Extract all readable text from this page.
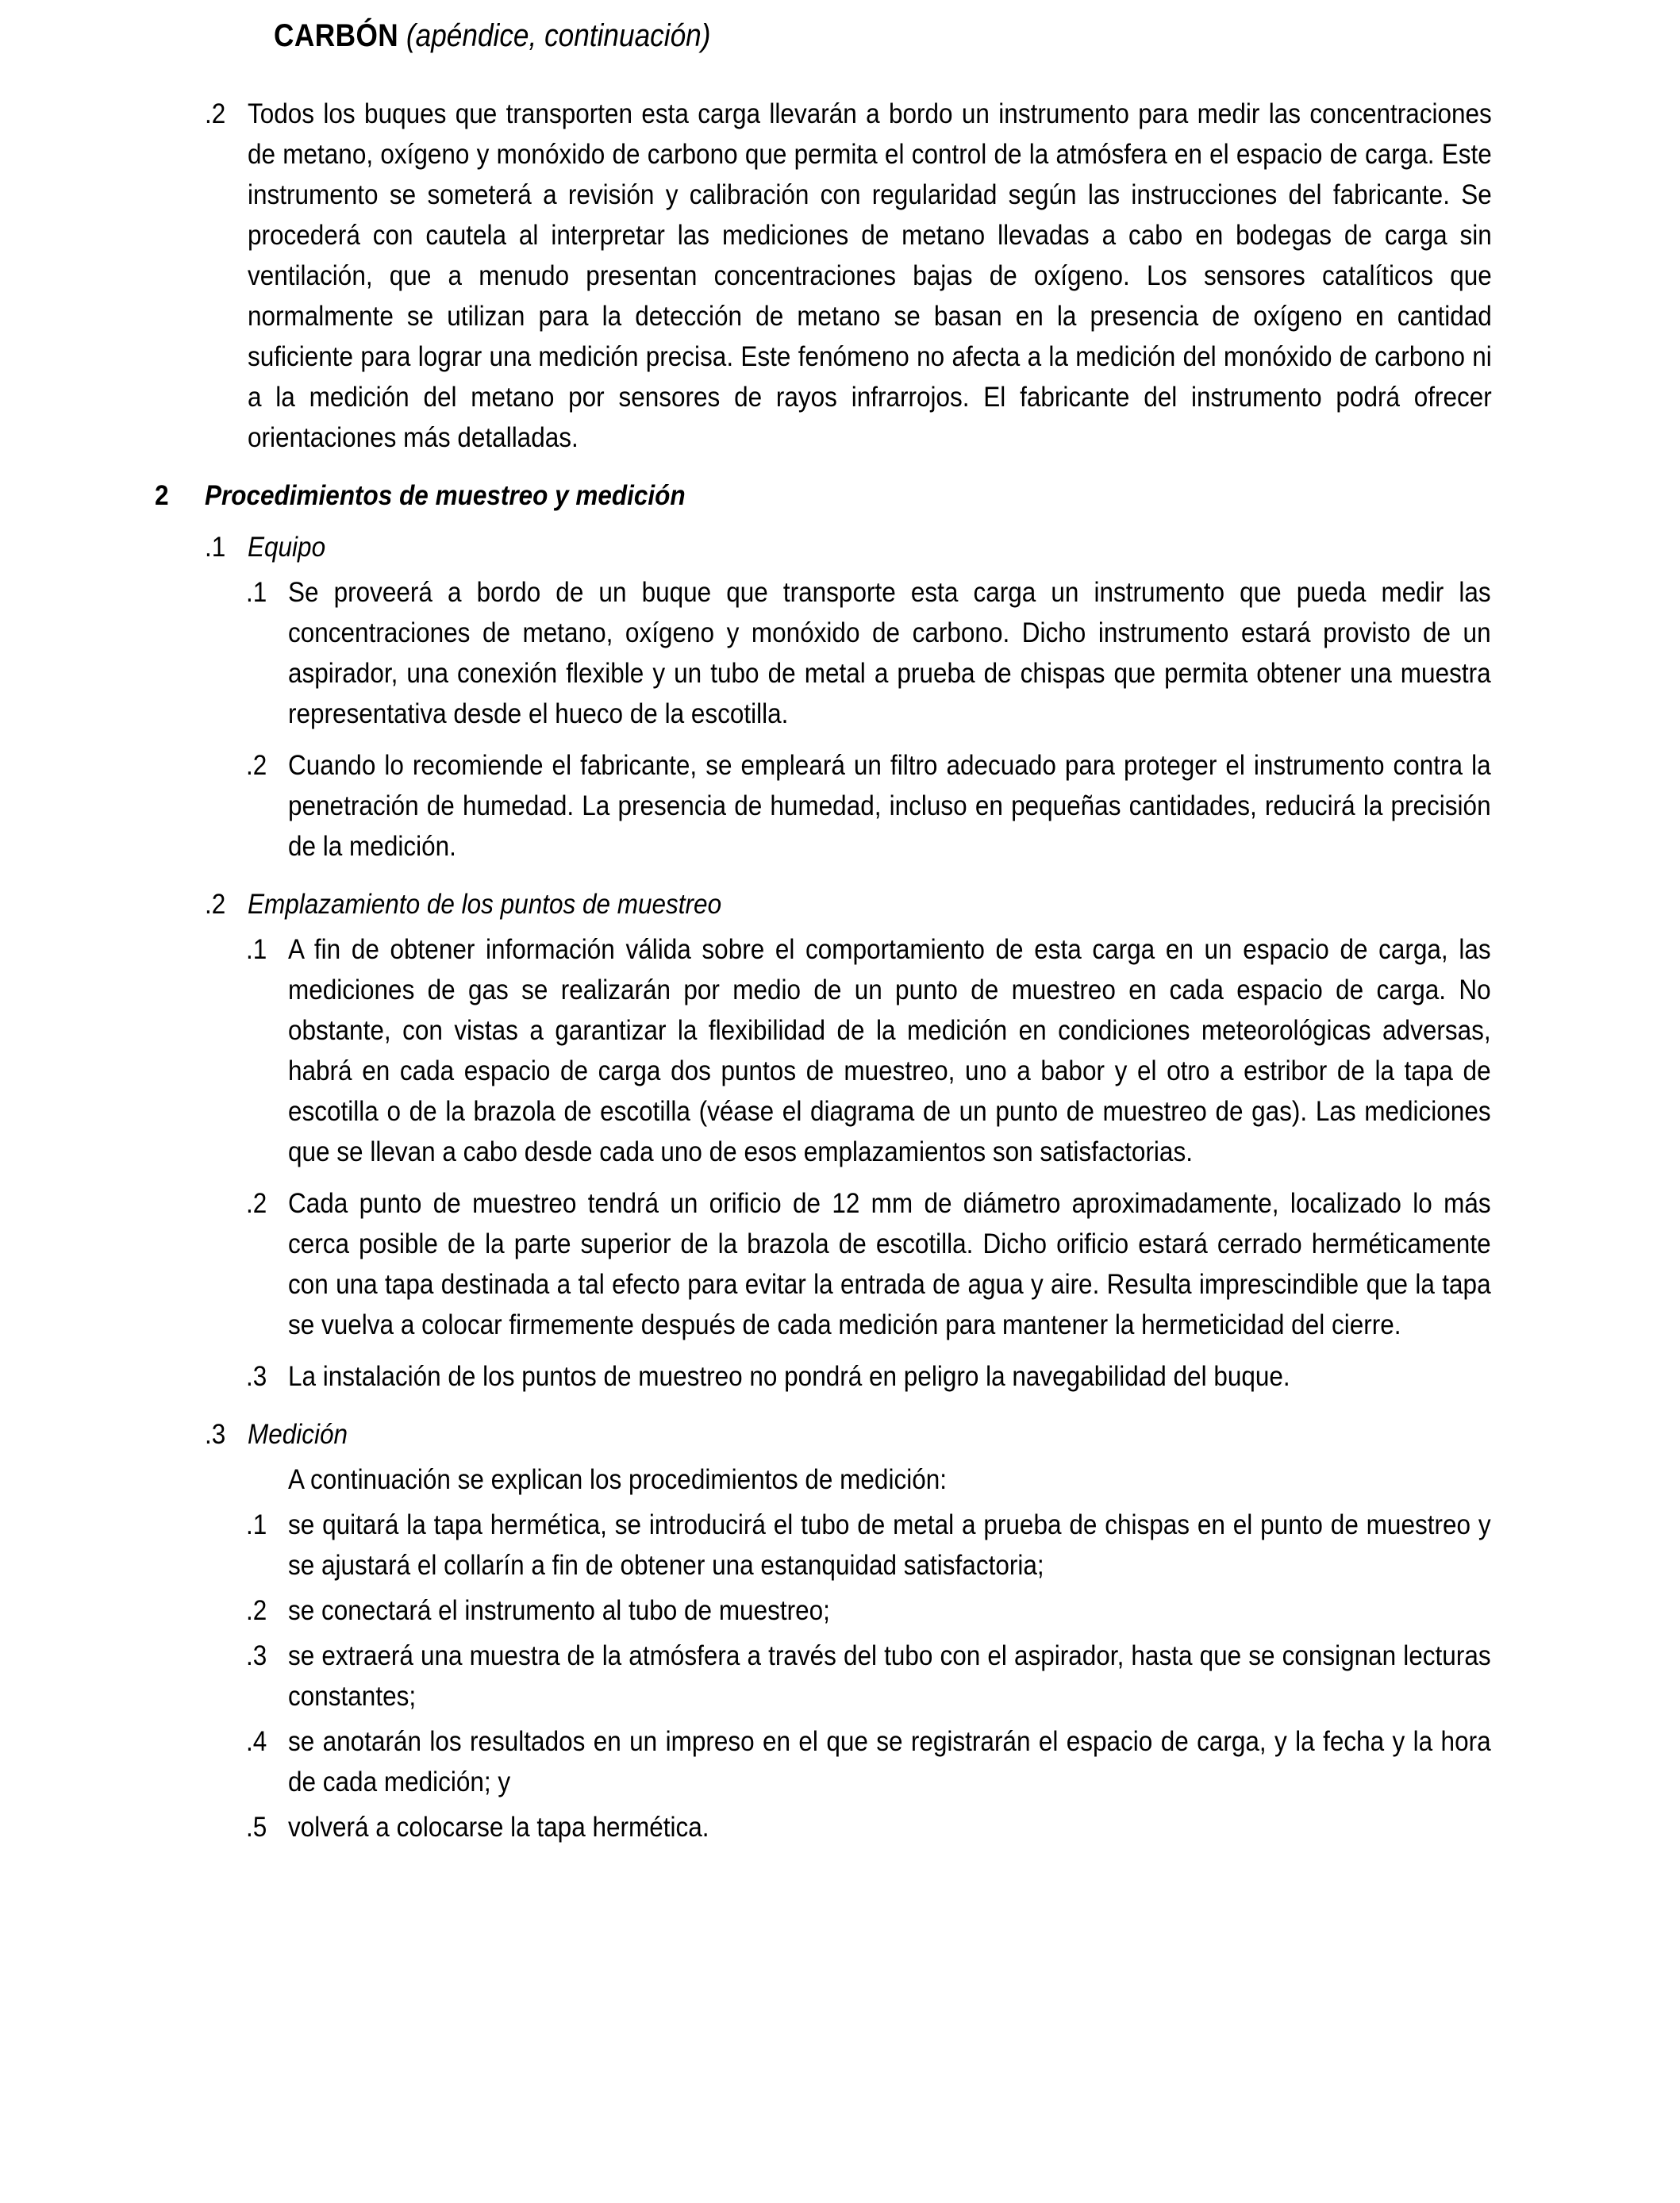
CARBÓN (apéndice, continuación)
.2 Todos los buques que transporten esta carga llevarán a bordo un instrumento para medir las concentraciones de metano, oxígeno y monóxido de carbono que permita el control de la atmósfera en el espacio de carga. Este instrumento se someterá a revisión y calibración con regularidad según las instrucciones del fabricante. Se procederá con cautela al interpretar las mediciones de metano llevadas a cabo en bodegas de carga sin ventilación, que a menudo presentan concentraciones bajas de oxígeno. Los sensores catalíticos que normalmente se utilizan para la detección de metano se basan en la presencia de oxígeno en cantidad suficiente para lograr una medición precisa. Este fenómeno no afecta a la medición del monóxido de carbono ni a la medición del metano por sensores de rayos infrarrojos. El fabricante del instrumento podrá ofrecer orientaciones más detalladas.
2 Procedimientos de muestreo y medición
.1 Equipo
.1 Se proveerá a bordo de un buque que transporte esta carga un instrumento que pueda medir las concentraciones de metano, oxígeno y monóxido de carbono. Dicho instrumento estará provisto de un aspirador, una conexión flexible y un tubo de metal a prueba de chispas que permita obtener una muestra representativa desde el hueco de la escotilla.
.2 Cuando lo recomiende el fabricante, se empleará un filtro adecuado para proteger el instrumento contra la penetración de humedad. La presencia de humedad, incluso en pequeñas cantidades, reducirá la precisión de la medición.
.2 Emplazamiento de los puntos de muestreo
.1 A fin de obtener información válida sobre el comportamiento de esta carga en un espacio de carga, las mediciones de gas se realizarán por medio de un punto de muestreo en cada espacio de carga. No obstante, con vistas a garantizar la flexibilidad de la medición en condiciones meteorológicas adversas, habrá en cada espacio de carga dos puntos de muestreo, uno a babor y el otro a estribor de la tapa de escotilla o de la brazola de escotilla (véase el diagrama de un punto de muestreo de gas). Las mediciones que se llevan a cabo desde cada uno de esos emplazamientos son satisfactorias.
.2 Cada punto de muestreo tendrá un orificio de 12 mm de diámetro aproximadamente, localizado lo más cerca posible de la parte superior de la brazola de escotilla. Dicho orificio estará cerrado herméticamente con una tapa destinada a tal efecto para evitar la entrada de agua y aire. Resulta imprescindible que la tapa se vuelva a colocar firmemente después de cada medición para mantener la hermeticidad del cierre.
.3 La instalación de los puntos de muestreo no pondrá en peligro la navegabilidad del buque.
.3 Medición
A continuación se explican los procedimientos de medición:
.1 se quitará la tapa hermética, se introducirá el tubo de metal a prueba de chispas en el punto de muestreo y se ajustará el collarín a fin de obtener una estanquidad satisfactoria;
.2 se conectará el instrumento al tubo de muestreo;
.3 se extraerá una muestra de la atmósfera a través del tubo con el aspirador, hasta que se consignan lecturas constantes;
.4 se anotarán los resultados en un impreso en el que se registrarán el espacio de carga, y la fecha y la hora de cada medición; y
.5 volverá a colocarse la tapa hermética.
